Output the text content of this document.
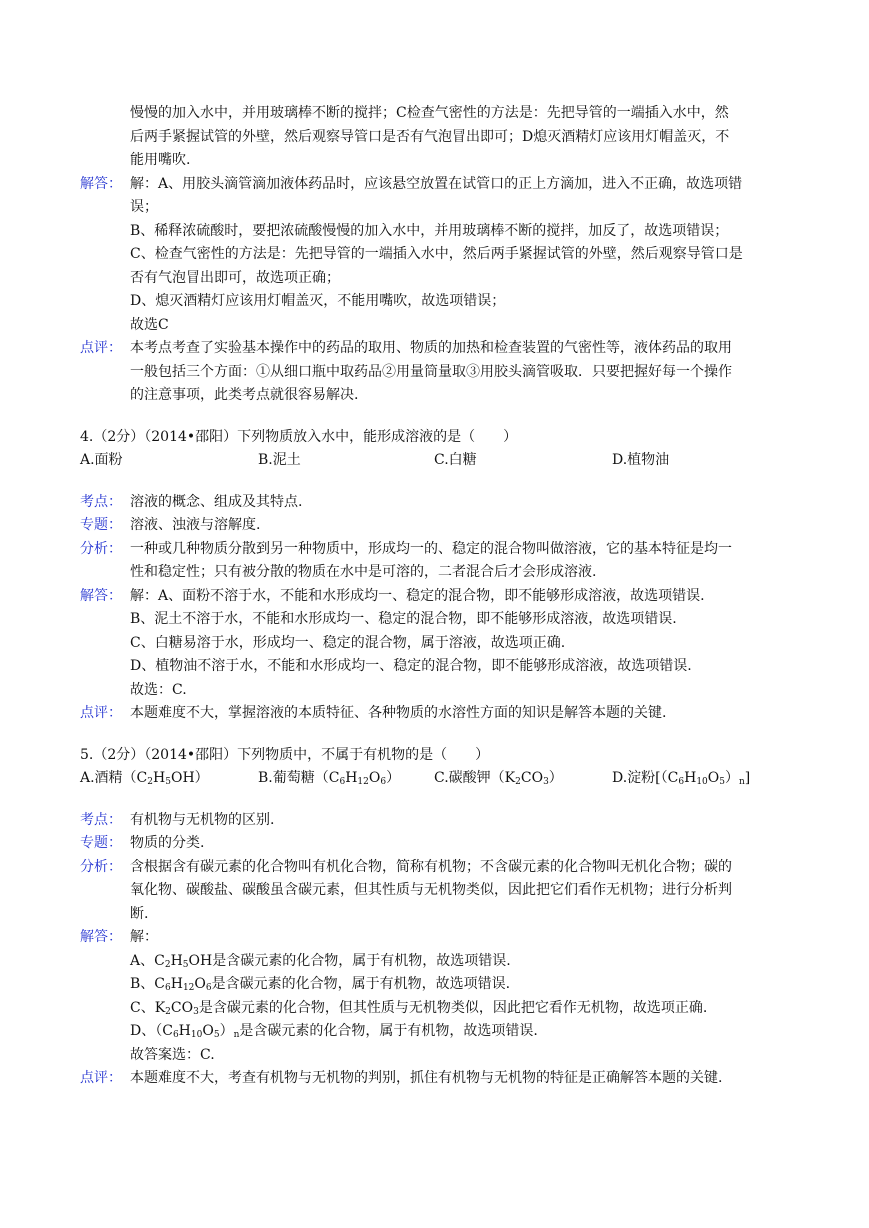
慢慢的加入水中，并用玻璃棒不断的搅拌；C检查气密性的方法是：先把导管的一端插入水中，然

后两手紧握试管的外壁，然后观察导管口是否有气泡冒出即可；D熄灭酒精灯应该用灯帽盖灭，不

能用嘴吹.

解答： 解：A、用胶头滴管滴加液体药品时，应该悬空放置在试管口的正上方滴加，进入不正确，故选项错

误；

B、稀释浓硫酸时，要把浓硫酸慢慢的加入水中，并用玻璃棒不断的搅拌，加反了，故选项错误；

C、检查气密性的方法是：先把导管的一端插入水中，然后两手紧握试管的外壁，然后观察导管口是

否有气泡冒出即可，故选项正确；

D、熄灭酒精灯应该用灯帽盖灭，不能用嘴吹，故选项错误；

故选C

点评： 本考点考查了实验基本操作中的药品的取用、物质的加热和检查装置的气密性等，液体药品的取用

一般包括三个方面：①从细口瓶中取药品②用量筒量取③用胶头滴管吸取．只要把握好每一个操作

的注意事项，此类考点就很容易解决.

4.（2分）（2014•邵阳）下列物质放入水中，能形成溶液的是（　　）
A.面粉	B.泥土	C.白糖	D.植物油
考点： 溶液的概念、组成及其特点.
专题： 溶液、浊液与溶解度.
分析： 一种或几种物质分散到另一种物质中，形成均一的、稳定的混合物叫做溶液，它的基本特征是均一

性和稳定性；只有被分散的物质在水中是可溶的，二者混合后才会形成溶液.

解答： 解：A、面粉不溶于水，不能和水形成均一、稳定的混合物，即不能够形成溶液，故选项错误.

B、泥土不溶于水，不能和水形成均一、稳定的混合物，即不能够形成溶液，故选项错误.

C、白糖易溶于水，形成均一、稳定的混合物，属于溶液，故选项正确.

D、植物油不溶于水，不能和水形成均一、稳定的混合物，即不能够形成溶液，故选项错误.

故选：C.

点评： 本题难度不大，掌握溶液的本质特征、各种物质的水溶性方面的知识是解答本题的关键.
5.（2分）（2014•邵阳）下列物质中，不属于有机物的是（　　）
A.酒精$(C_2H_5OH)$	B.葡萄糖$(C_6H_{12}O_6)$	C.碳酸钾$(K_2CO_3)$	D.淀粉$[(C_6H_{10}O_5)_n]$
考点： 有机物与无机物的区别.
专题： 物质的分类.
分析： 含根据含有碳元素的化合物叫有机化合物，简称有机物；不含碳元素的化合物叫无机化合物；碳的

氧化物、碳酸盐、碳酸虽含碳元素，但其性质与无机物类似，因此把它们看作无机物；进行分析判

断.

解答： 解：

A、$C_2H_5OH$是含碳元素的化合物，属于有机物，故选项错误.

B、$C_6H_{12}O_6$是含碳元素的化合物，属于有机物，故选项错误.

C、$K_2CO_3$是含碳元素的化合物，但其性质与无机物类似，因此把它看作无机物，故选项正确.

D、$(C_6H_{10}O_5)_n$是含碳元素的化合物，属于有机物，故选项错误.

故答案选：C.

点评： 本题难度不大，考查有机物与无机物的判别，抓住有机物与无机物的特征是正确解答本题的关键.
